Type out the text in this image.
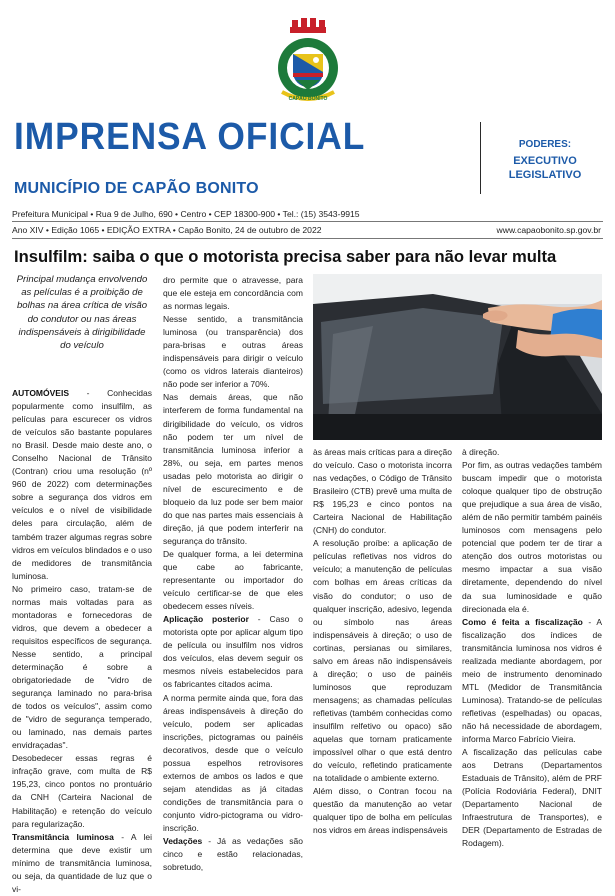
CAPÃO BONITO
IMPRENSA OFICIAL
MUNICÍPIO DE CAPÃO BONITO
PODERES:
EXECUTIVO
LEGISLATIVO
Prefeitura Municipal • Rua 9 de Julho, 690 • Centro • CEP 18300-900 • Tel.: (15) 3543-9915
Ano XIV • Edição 1065 • EDIÇÃO EXTRA • Capão Bonito, 24 de outubro de 2022	www.capaobonito.sp.gov.br
Insulfilm: saiba o que o motorista precisa saber para não levar multa

Principal mudança envolvendo as películas é a proibição de bolhas na área crítica de visão do condutor ou nas áreas indispensáveis à dirigibilidade do veículo

AUTOMÓVEIS - Conhecidas popularmente como insulfilm, as películas para escurecer os vidros de veículos são bastante populares no Brasil. Desde maio deste ano, o Conselho Nacional de Trânsito (Contran) criou uma resolução (nº 960 de 2022) com determinações sobre a segurança dos vidros em veículos e o nível de visibilidade deles para circulação, além de também trazer algumas regras sobre vidros em veículos blindados e o uso de medidores de transmitância luminosa.

No primeiro caso, tratam-se de normas mais voltadas para as montadoras e fornecedoras de vidros, que devem a obedecer a requisitos específicos de segurança. Nesse sentido, a principal determinação é sobre a obrigatoriedade de "vidro de segurança laminado no para-brisa de todos os veículos", assim como de "vidro de segurança temperado, ou laminado, nas demais partes envidraçadas".

Desobedecer essas regras é infração grave, com multa de R$ 195,23, cinco pontos no prontuário da CNH (Carteira Nacional de Habilitação) e retenção do veículo para regularização.

Transmitância luminosa - A lei determina que deve existir um mínimo de transmitância luminosa, ou seja, da quantidade de luz que o vi-

dro permite que o atravesse, para que ele esteja em concordância com as normas legais.

Nesse sentido, a transmitância luminosa (ou transparência) dos para-brisas e outras áreas indispensáveis para dirigir o veículo (como os vidros laterais dianteiros) não pode ser inferior a 70%.

Nas demais áreas, que não interferem de forma fundamental na dirigibilidade do veículo, os vidros não podem ter um nível de transmitância luminosa inferior a 28%, ou seja, em partes menos usadas pelo motorista ao dirigir o nível de escurecimento e de bloqueio da luz pode ser bem maior do que nas partes mais essenciais à direção, já que podem interferir na segurança do trânsito.

De qualquer forma, a lei determina que cabe ao fabricante, representante ou importador do veículo certificar-se de que eles obedecem esses níveis.

Aplicação posterior - Caso o motorista opte por aplicar algum tipo de película ou insulfilm nos vidros dos veículos, elas devem seguir os mesmos níveis estabelecidos para os fabricantes citados acima.

A norma permite ainda que, fora das áreas indispensáveis à direção do veículo, podem ser aplicadas inscrições, pictogramas ou painéis decorativos, desde que o veículo possua espelhos retrovisores externos de ambos os lados e que sejam atendidas as já citadas condições de transmitância para o conjunto vidro-pictograma ou vidro-inscrição.

Vedações - Já as vedações são cinco e estão relacionadas, sobretudo,

às áreas mais críticas para a direção do veículo. Caso o motorista incorra nas vedações, o Código de Trânsito Brasileiro (CTB) prevê uma multa de R$ 195,23 e cinco pontos na Carteira Nacional de Habilitação (CNH) do condutor.

A resolução proíbe: a aplicação de películas refletivas nos vidros do veículo; a manutenção de películas com bolhas em áreas críticas da visão do condutor; o uso de qualquer inscrição, adesivo, legenda ou símbolo nas áreas indispensáveis à direção; o uso de cortinas, persianas ou similares, salvo em áreas não indispensáveis à direção; o uso de painéis luminosos que reproduzam mensagens; as chamadas películas refletivas (também conhecidas como insulfilm relfetivo ou opaco) são aquelas que tornam praticamente impossível olhar o que está dentro do veículo, refletindo praticamente na totalidade o ambiente externo.

Além disso, o Contran focou na questão da manutenção ao vetar qualquer tipo de bolha em películas nos vidros em áreas indispensáveis

à direção.

Por fim, as outras vedações também buscam impedir que o motorista coloque qualquer tipo de obstrução que prejudique a sua área de visão, além de não permitir também painéis luminosos com mensagens pelo potencial que podem ter de tirar a atenção dos outros motoristas ou mesmo impactar a sua visão diretamente, dependendo do nível da sua luminosidade e quão direcionada ela é.

Como é feita a fiscalização - A fiscalização dos índices de transmitância luminosa nos vidros é realizada mediante abordagem, por meio de instrumento denominado MTL (Medidor de Transmitância Luminosa). Tratando-se de películas refletivas (espelhadas) ou opacas, não há necessidade de abordagem, informa Marco Fabrício Vieira.

A fiscalização das películas cabe aos Detrans (Departamentos Estaduais de Trânsito), além de PRF (Polícia Rodoviária Federal), DNIT (Departamento Nacional de Infraestrutura de Transportes), e DER (Departamento de Estradas de Rodagem).
